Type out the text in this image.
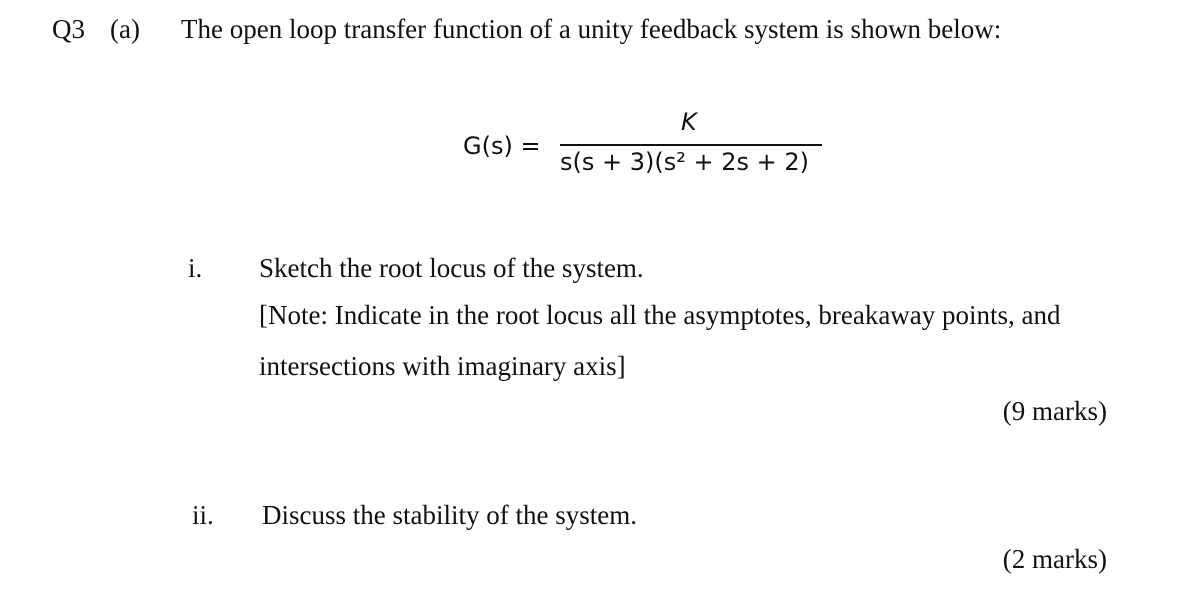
Q3 (a) The open loop transfer function of a unity feedback system is shown below:
G(s) =
K
s(s + 3)(s² + 2s + 2)
i. Sketch the root locus of the system.
[Note: Indicate in the root locus all the asymptotes, breakaway points, and
intersections with imaginary axis]
(9 marks)
ii. Discuss the stability of the system.
(2 marks)
